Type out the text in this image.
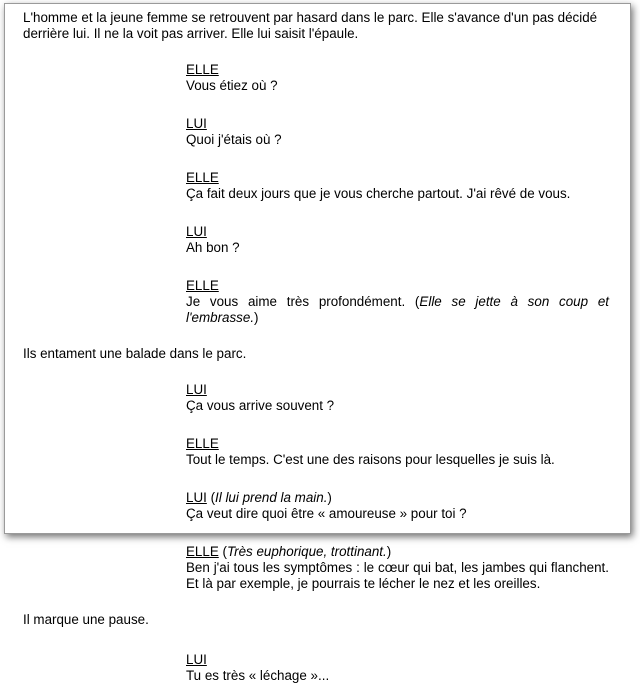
L'homme et la jeune femme se retrouvent par hasard dans le parc. Elle s'avance d'un pas décidé derrière lui. Il ne la voit pas arriver. Elle lui saisit l'épaule.

ELLE
Vous étiez où ?
LUI
Quoi j'étais où ?
ELLE
Ça fait deux jours que je vous cherche partout. J'ai rêvé de vous.
LUI
Ah bon ?
ELLE
Je vous aime très profondément. (Elle se jette à son coup et l'embrasse.)

Ils entament une balade dans le parc.

LUI
Ça vous arrive souvent ?
ELLE
Tout le temps. C'est une des raisons pour lesquelles je suis là.
LUI (Il lui prend la main.)
Ça veut dire quoi être « amoureuse » pour toi ?
ELLE (Très euphorique, trottinant.)
Ben j'ai tous les symptômes : le cœur qui bat, les jambes qui flanchent. Et là par exemple, je pourrais te lécher le nez et les oreilles.

Il marque une pause.

LUI
Tu es très « léchage »...
